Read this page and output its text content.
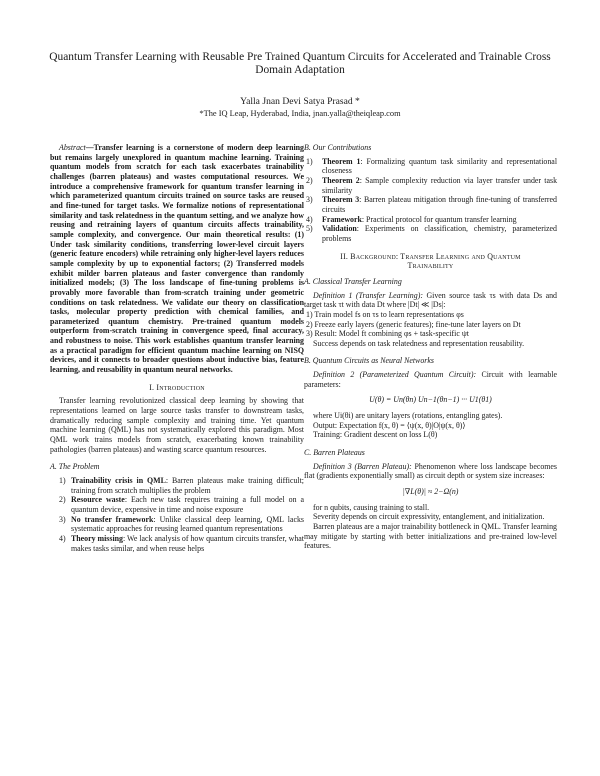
Quantum Transfer Learning with Reusable Pre Trained Quantum Circuits for Accelerated and Trainable Cross Domain Adaptation
Yalla Jnan Devi Satya Prasad *
*The IQ Leap, Hyderabad, India, jnan.yalla@theiqleap.com

Abstract—Transfer learning is a cornerstone of modern deep learning but remains largely unexplored in quantum machine learning. Training quantum models from scratch for each task exacerbates trainability challenges (barren plateaus) and wastes computational resources. We introduce a comprehensive framework for quantum transfer learning in which parameterized quantum circuits trained on source tasks are reused and fine-tuned for target tasks. We formalize notions of representational similarity and task relatedness in the quantum setting, and we analyze how reusing and retraining layers of quantum circuits affects trainability, sample complexity, and convergence. Our main theoretical results: (1) Under task similarity conditions, transferring lower-level circuit layers (generic feature encoders) while retraining only higher-level layers reduces sample complexity by up to exponential factors; (2) Transferred models exhibit milder barren plateaus and faster convergence than randomly initialized models; (3) The loss landscape of fine-tuning problems is provably more favorable than from-scratch training under geometric conditions on task relatedness. We validate our theory on classification tasks, molecular property prediction with chemical families, and parameterized quantum chemistry. Pre-trained quantum models outperform from-scratch training in convergence speed, final accuracy, and robustness to noise. This work establishes quantum transfer learning as a practical paradigm for efficient quantum machine learning on NISQ devices, and it connects to broader questions about inductive bias, feature learning, and reusability in quantum neural networks.

I. Introduction

Transfer learning revolutionized classical deep learning by showing that representations learned on large source tasks transfer to downstream tasks, dramatically reducing sample complexity and training time. Yet quantum machine learning (QML) has not systematically explored this paradigm. Most QML work trains models from scratch, exacerbating known trainability pathologies (barren plateaus) and wasting scarce quantum resources.

A. The Problem

1) Trainability crisis in QML: Barren plateaus make training difficult; training from scratch multiplies the problem
2) Resource waste: Each new task requires training a full model on a quantum device, expensive in time and noise exposure
3) No transfer framework: Unlike classical deep learning, QML lacks systematic approaches for reusing learned quantum representations
4) Theory missing: We lack analysis of how quantum circuits transfer, what makes tasks similar, and when reuse helps

B. Our Contributions

1) Theorem 1: Formalizing quantum task similarity and representational closeness
2) Theorem 2: Sample complexity reduction via layer transfer under task similarity
3) Theorem 3: Barren plateau mitigation through fine-tuning of transferred circuits
4) Framework: Practical protocol for quantum transfer learning
5) Validation: Experiments on classification, chemistry, parameterized problems

II. Background: Transfer Learning and Quantum
Trainability

A. Classical Transfer Learning

Definition 1 (Transfer Learning): Given source task τs with data Ds and target task τt with data Dt where |Dt| ≪ |Ds|:

1) Train model fs on τs to learn representations φs
2) Freeze early layers (generic features); fine-tune later layers on Dt
3) Result: Model ft combining φs + task-specific ψt

Success depends on task relatedness and representation reusability.

B. Quantum Circuits as Neural Networks

Definition 2 (Parameterized Quantum Circuit): Circuit with learnable parameters:

U(θ) = Un(θn) Un−1(θn−1) ··· U1(θ1)

where Ui(θi) are unitary layers (rotations, entangling gates).

Output: Expectation f(x, θ) = ⟨ψ(x, θ)|O|ψ(x, θ)⟩

Training: Gradient descent on loss L(θ)

C. Barren Plateaus

Definition 3 (Barren Plateau): Phenomenon where loss landscape becomes flat (gradients exponentially small) as circuit depth or system size increases:

|∇L(θ)| ≈ 2−Ω(n)

for n qubits, causing training to stall.

Severity depends on circuit expressivity, entanglement, and initialization.

Barren plateaus are a major trainability bottleneck in QML. Transfer learning may mitigate by starting with better initializations and pre-trained low-level features.
